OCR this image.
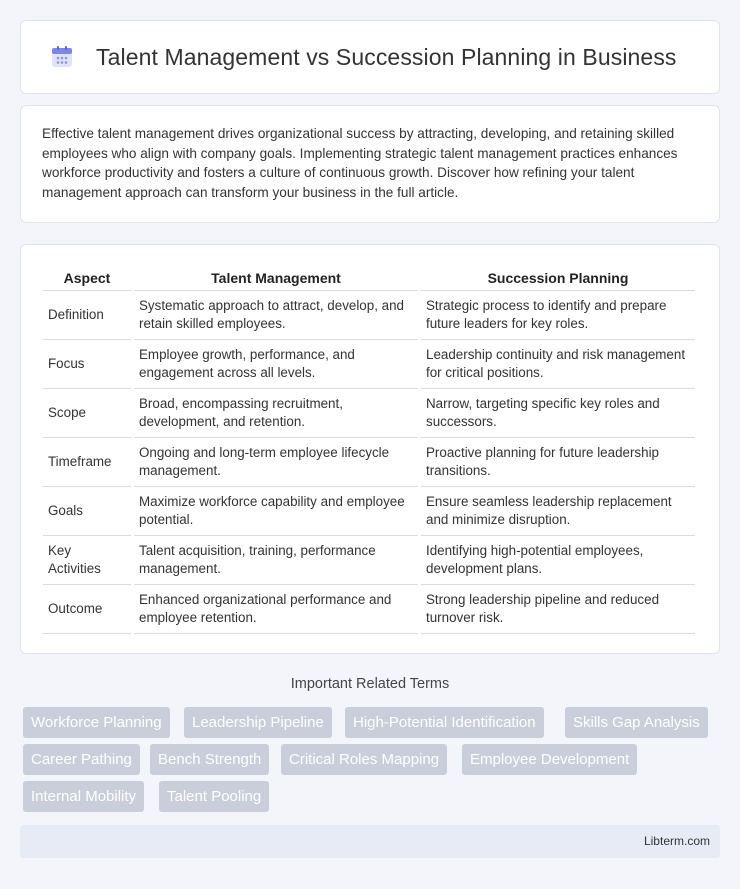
Talent Management vs Succession Planning in Business

Effective talent management drives organizational success by attracting, developing, and retaining skilled employees who align with company goals. Implementing strategic talent management practices enhances workforce productivity and fosters a culture of continuous growth. Discover how refining your talent management approach can transform your business in the full article.

Aspect	Talent Management	Succession Planning
Definition	Systematic approach to attract, develop, and retain skilled employees.	Strategic process to identify and prepare future leaders for key roles.
Focus	Employee growth, performance, and engagement across all levels.	Leadership continuity and risk management for critical positions.
Scope	Broad, encompassing recruitment, development, and retention.	Narrow, targeting specific key roles and successors.
Timeframe	Ongoing and long-term employee lifecycle management.	Proactive planning for future leadership transitions.
Goals	Maximize workforce capability and employee potential.	Ensure seamless leadership replacement and minimize disruption.
Key Activities	Talent acquisition, training, performance management.	Identifying high-potential employees, development plans.
Outcome	Enhanced organizational performance and employee retention.	Strong leadership pipeline and reduced turnover risk.
Important Related Terms
Workforce Planning	Leadership Pipeline	High-Potential Identification	Skills Gap Analysis
Career Pathing	Bench Strength	Critical Roles Mapping	Employee Development
Internal Mobility	Talent Pooling
Libterm.com
